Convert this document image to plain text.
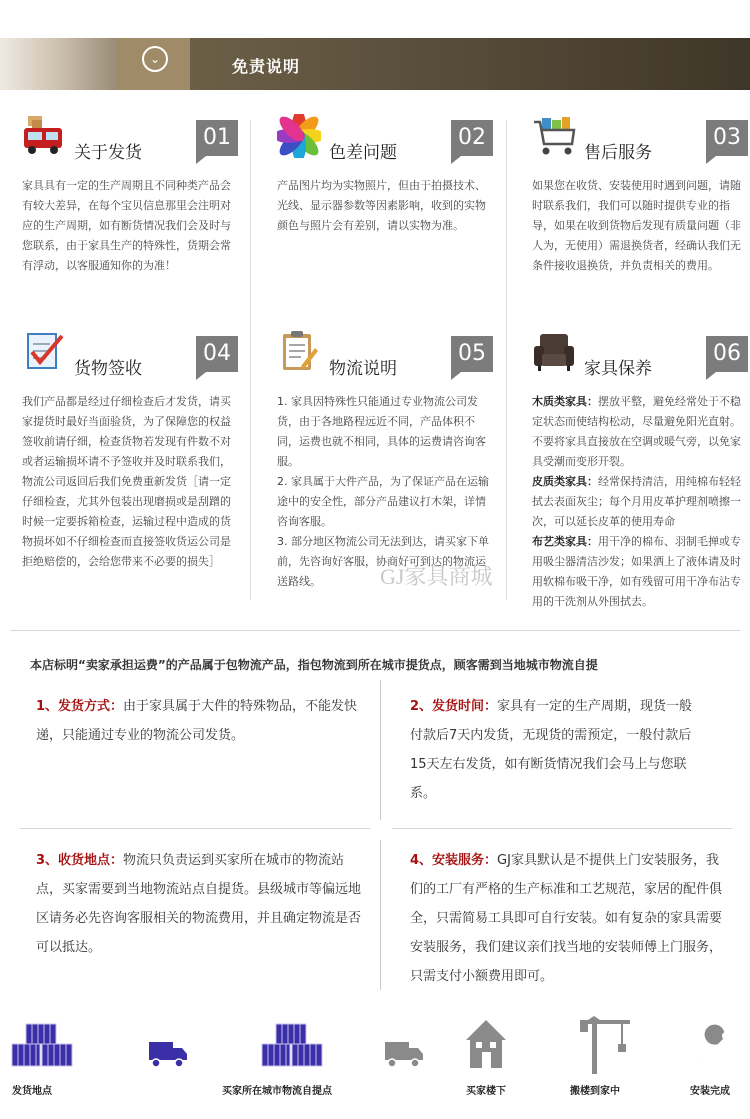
⌄	免责说明
关于发货
01

家具具有一定的生产周期且不同种类产品会有较大差异，在每个宝贝信息那里会注明对应的生产周期，如有断货情况我们会及时与您联系，由于家具生产的特殊性，货期会常有浮动，以客服通知你的为准！

色差问题
02

产品图片均为实物照片，但由于拍摄技术、光线、显示器参数等因素影响，收到的实物颜色与照片会有差别，请以实物为准。

售后服务
03

如果您在收货、安装使用时遇到问题，请随时联系我们，我们可以随时提供专业的指导，如果在收到货物后发现有质量问题（非人为，无使用）需退换货者，经确认我们无条件接收退换货，并负责相关的费用。

货物签收
04

我们产品都是经过仔细检查后才发货，请买家提货时最好当面验货，为了保障您的权益签收前请仔细，检查货物若发现有件数不对或者运输损坏请不予签收并及时联系我们，物流公司返回后我们免费重新发货［请一定仔细检查，尤其外包装出现磨损或是刮蹭的时候一定要拆箱检查，运输过程中造成的货物损坏如不仔细检查而直接签收货运公司是拒绝赔偿的，会给您带来不必要的损失］

物流说明
05

1. 家具因特殊性只能通过专业物流公司发货，由于各地路程远近不同，产品体积不同，运费也就不相同，具体的运费请咨询客服。

2. 家具属于大件产品，为了保证产品在运输途中的安全性，部分产品建议打木架，详情咨询客服。

3. 部分地区物流公司无法到达，请买家下单前，先咨询好客服，协商好可到达的物流运送路线。

家具保养
06

木质类家具：摆放平整，避免经常处于不稳定状态而使结构松动，尽量避免阳光直射。不要将家具直接放在空调或暖气旁，以免家具受潮而变形开裂。

皮质类家具：经常保持清洁，用纯棉布轻轻拭去表面灰尘；每个月用皮革护理剂喷擦一次，可以延长皮革的使用寿命

布艺类家具：用干净的棉布、羽制毛掸或专用吸尘器清洁沙发；如果洒上了液体请及时用软棉布吸干净，如有残留可用干净布沾专用的干洗剂从外围拭去。

GJ家具商城
本店标明“卖家承担运费”的产品属于包物流产品，指包物流到所在城市提货点，顾客需到当地城市物流自提
1、发货方式：由于家具属于大件的特殊物品，不能发快递，只能通过专业的物流公司发货。
2、发货时间：家具有一定的生产周期，现货一般付款后7天内发货，无现货的需预定，一般付款后15天左右发货，如有断货情况我们会马上与您联系。
3、收货地点：物流只负责运到买家所在城市的物流站点，买家需要到当地物流站点自提货。县级城市等偏远地区请务必先咨询客服相关的物流费用，并且确定物流是否可以抵达。
4、安装服务：GJ家具默认是不提供上门安装服务，我们的工厂有严格的生产标准和工艺规范，家居的配件俱全，只需简易工具即可自行安装。如有复杂的家具需要安装服务，我们建议亲们找当地的安装师傅上门服务，只需支付小额费用即可。
发货地点	买家所在城市物流自提点	买家楼下	搬楼到家中	安装完成
